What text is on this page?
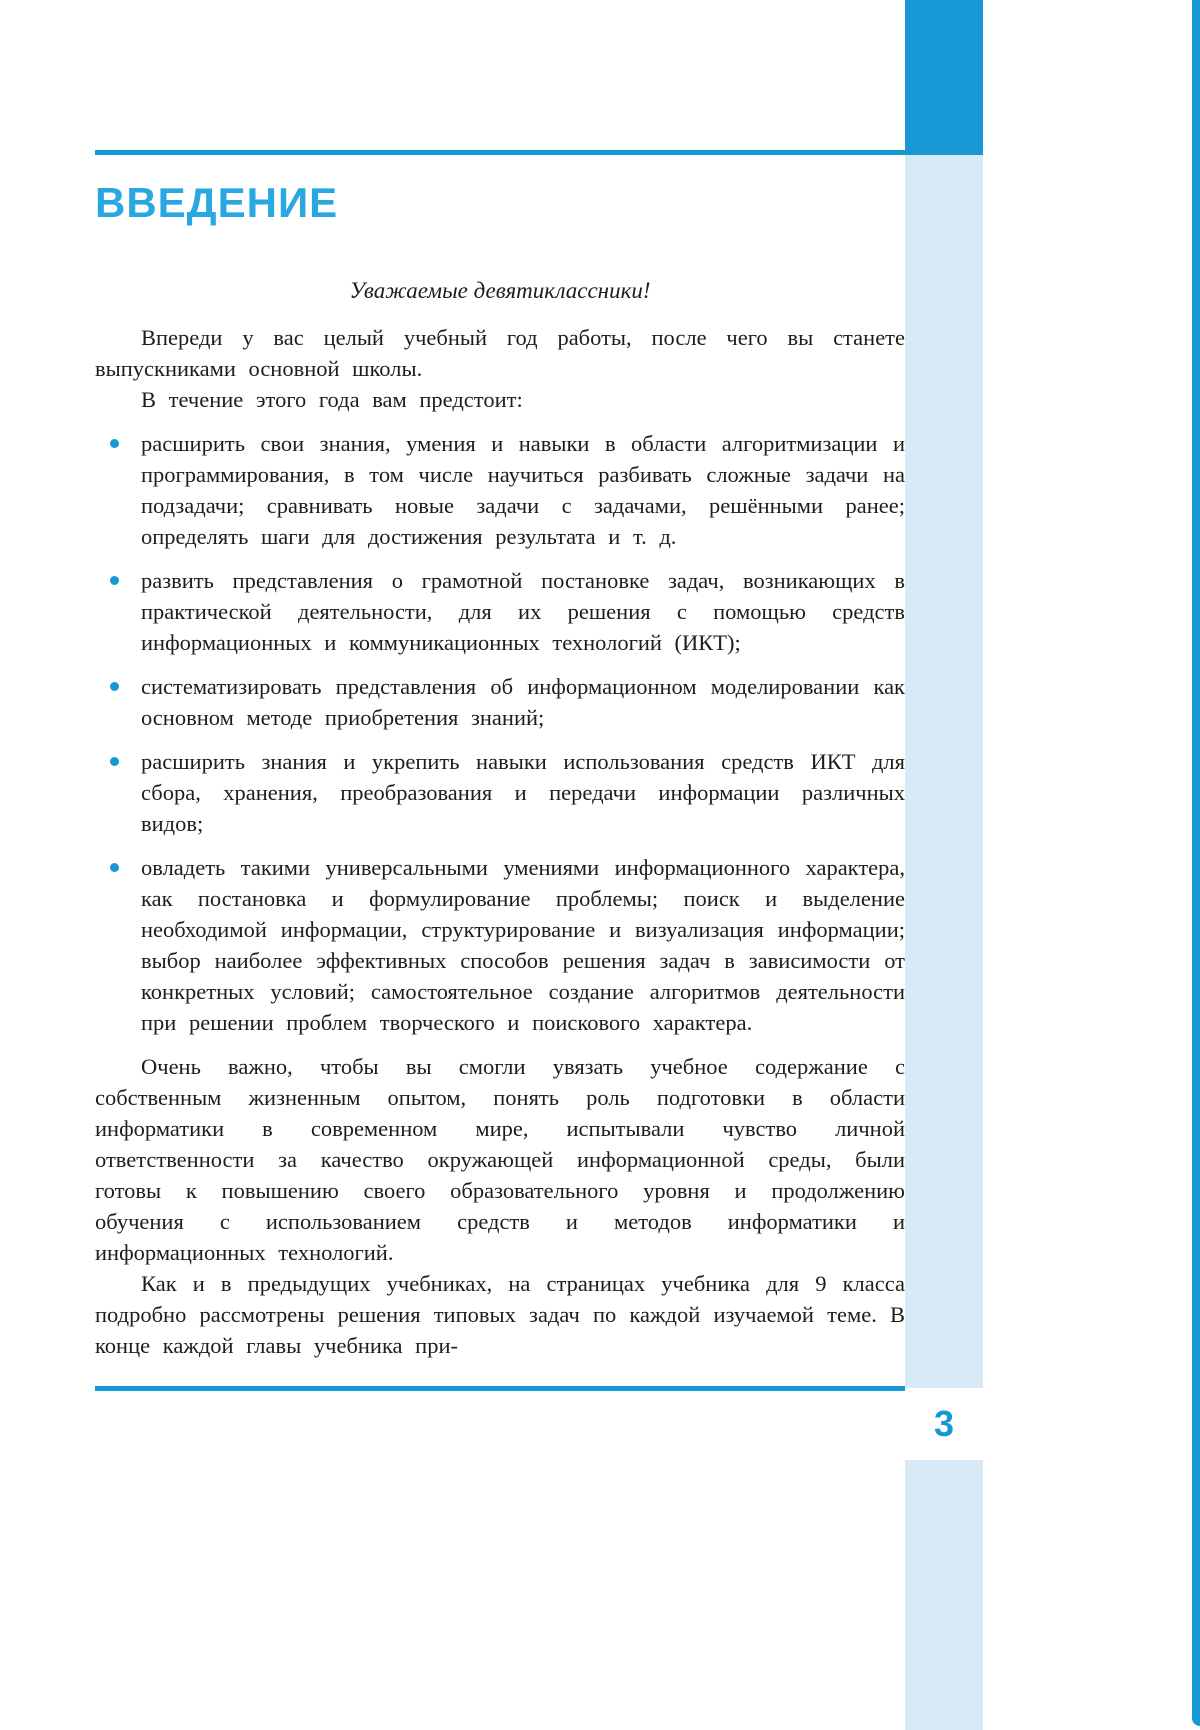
3
ВВЕДЕНИЕ

Уважаемые девятиклассники!

Впереди у вас целый учебный год работы, после чего вы станете выпускниками основной школы.

В течение этого года вам предстоит:

расширить свои знания, умения и навыки в области алгоритмизации и программирования, в том числе научиться разбивать сложные задачи на подзадачи; сравнивать новые задачи с задачами, решёнными ранее; определять шаги для достижения результата и т. д.
развить представления о грамотной постановке задач, возникающих в практической деятельности, для их решения с помощью средств информационных и коммуникационных технологий (ИКТ);
систематизировать представления об информационном моделировании как основном методе приобретения знаний;
расширить знания и укрепить навыки использования средств ИКТ для сбора, хранения, преобразования и передачи информации различных видов;
овладеть такими универсальными умениями информационного характера, как постановка и формулирование проблемы; поиск и выделение необходимой информации, структурирование и визуализация информации; выбор наиболее эффективных способов решения задач в зависимости от конкретных условий; самостоятельное создание алгоритмов деятельности при решении проблем творческого и поискового характера.

Очень важно, чтобы вы смогли увязать учебное содержание с собственным жизненным опытом, понять роль подготовки в области информатики в современном мире, испытывали чувство личной ответственности за качество окружающей информационной среды, были готовы к повышению своего образовательного уровня и продолжению обучения с использованием средств и методов информатики и информационных технологий.

Как и в предыдущих учебниках, на страницах учебника для 9 класса подробно рассмотрены решения типовых задач по каждой изучаемой теме. В конце каждой главы учебника при-
